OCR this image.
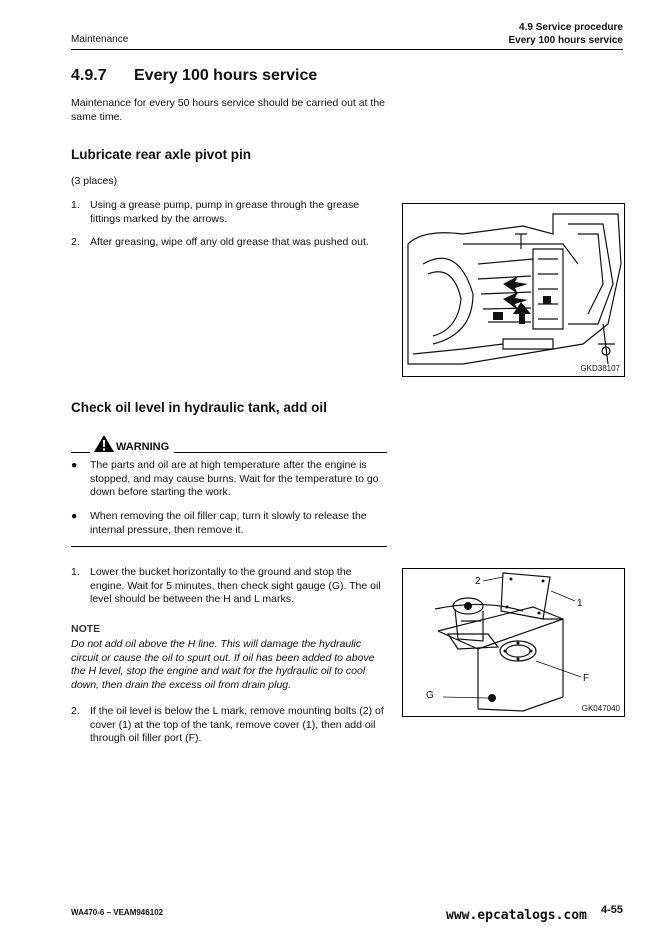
Maintenance
4.9 Service procedure
Every 100 hours service
4.9.7 Every 100 hours service
Maintenance for every 50 hours service should be carried out at the same time.
Lubricate rear axle pivot pin
(3 places)
1. Using a grease pump, pump in grease through the grease fittings marked by the arrows.
2. After greasing, wipe off any old grease that was pushed out.
GKD38107
Check oil level in hydraulic tank, add oil
WARNING
● The parts and oil are at high temperature after the engine is stopped, and may cause burns. Wait for the temperature to go down before starting the work.
● When removing the oil filler cap, turn it slowly to release the internal pressure, then remove it.
1. Lower the bucket horizontally to the ground and stop the engine. Wait for 5 minutes, then check sight gauge (G). The oil level should be between the H and L marks.
NOTE
Do not add oil above the H line. This will damage the hydraulic circuit or cause the oil to spurt out. If oil has been added to above the H level, stop the engine and wait for the hydraulic oil to cool down, then drain the excess oil from drain plug.
2. If the oil level is below the L mark, remove mounting bolts (2) of cover (1) at the top of the tank, remove cover (1), then add oil through oil filler port (F).
2
1
F
G
GK047040
WA470-6 – VEAM946102	www.epcatalogs.com 4-55
